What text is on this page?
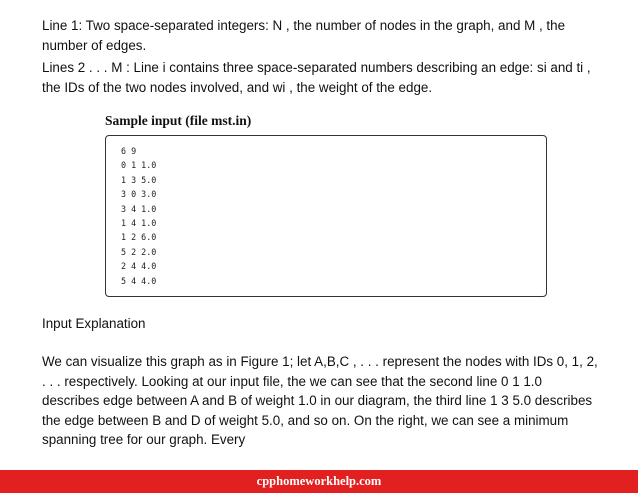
Line 1: Two space-separated integers: N , the number of nodes in the graph, and M , the number of edges.

Lines 2 . . . M : Line i contains three space-separated numbers describing an edge: si and ti , the IDs of the two nodes involved, and wi , the weight of the edge.

Sample input (file mst.in)

6 9
0 1 1.0
1 3 5.0
3 0 3.0
3 4 1.0
1 4 1.0
1 2 6.0
5 2 2.0
2 4 4.0
5 4 4.0

Input Explanation

We can visualize this graph as in Figure 1; let A,B,C , . . . represent the nodes with IDs 0, 1, 2, . . . respectively. Looking at our input file, the we can see that the second line 0 1 1.0 describes edge between A and B of weight 1.0 in our diagram, the third line 1 3 5.0 describes the edge between B and D of weight 5.0, and so on. On the right, we can see a minimum spanning tree for our graph. Every

cpphomeworkhelp.com
